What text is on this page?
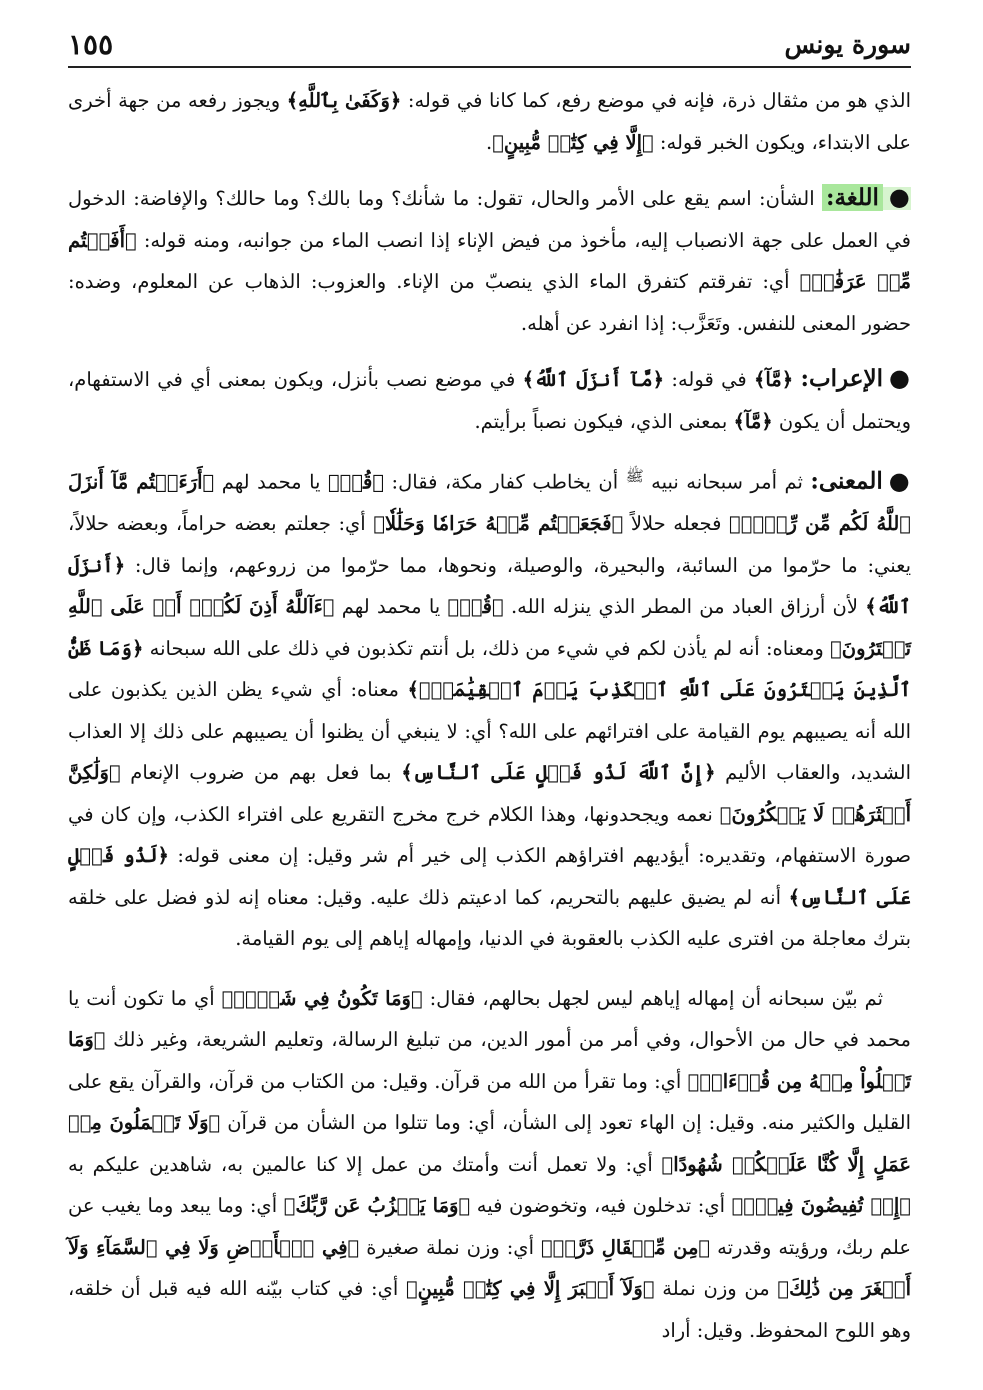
١٥٥	سورة يونس

الذي هو من مثقال ذرة، فإنه في موضع رفع، كما كانا في قوله: ﴿وَكَفَىٰ بِٱللَّهِ﴾ ويجوز رفعه من جهة أخرى على الابتداء، ويكون الخبر قوله: ﴿إِلَّا فِي كِتَٰبٖ مُّبِينٍ﴾.

●اللغة: الشأن: اسم يقع على الأمر والحال، تقول: ما شأنك؟ وما بالك؟ وما حالك؟ والإفاضة: الدخول في العمل على جهة الانصباب إليه، مأخوذ من فيض الإناء إذا انصب الماء من جوانبه، ومنه قوله: ﴿أَفَضۡتُم مِّنۡ عَرَفَٰتٖ﴾ أي: تفرقتم كتفرق الماء الذي ينصبّ من الإناء. والعزوب: الذهاب عن المعلوم، وضده: حضور المعنى للنفس. وتَعَزَّب: إذا انفرد عن أهله.

●الإعراب: ﴿مَّآ﴾ في قوله: ﴿مَّآ أَنزَلَ ٱللَّهُ﴾ في موضع نصب بأنزل، ويكون بمعنى أي في الاستفهام، ويحتمل أن يكون ﴿مَّآ﴾ بمعنى الذي، فيكون نصباً برأيتم.

●المعنى: ثم أمر سبحانه نبيه $^ﷺ$ أن يخاطب كفار مكة، فقال: ﴿قُلۡ﴾ يا محمد لهم ﴿أَرَءَيۡتُم مَّآ أَنزَلَ ٱللَّهُ لَكُم مِّن رِّزۡقٖ﴾ فجعله حلالاً ﴿فَجَعَلۡتُم مِّنۡهُ حَرَامٗا وَحَلَٰلٗا﴾ أي: جعلتم بعضه حراماً، وبعضه حلالاً، يعني: ما حرّموا من السائبة، والبحيرة، والوصيلة، ونحوها، مما حرّموا من زروعهم، وإنما قال: ﴿أَنزَلَ ٱللَّهُ﴾ لأن أرزاق العباد من المطر الذي ينزله الله. ﴿قُلۡ﴾ يا محمد لهم ﴿ءَآللَّهُ أَذِنَ لَكُمۡۖ أَمۡ عَلَى ٱللَّهِ تَفۡتَرُونَ﴾ ومعناه: أنه لم يأذن لكم في شيء من ذلك، بل أنتم تكذبون في ذلك على الله سبحانه ﴿وَمَا ظَنُّ ٱلَّذِينَ يَفۡتَرُونَ عَلَى ٱللَّهِ ٱلۡكَذِبَ يَوۡمَ ٱلۡقِيَٰمَةِۚ﴾ معناه: أي شيء يظن الذين يكذبون على الله أنه يصيبهم يوم القيامة على افترائهم على الله؟ أي: لا ينبغي أن يظنوا أن يصيبهم على ذلك إلا العذاب الشديد، والعقاب الأليم ﴿إِنَّ ٱللَّهَ لَذُو فَضۡلٍ عَلَى ٱلنَّاسِ﴾ بما فعل بهم من ضروب الإنعام ﴿وَلَٰكِنَّ أَكۡثَرَهُمۡ لَا يَشۡكُرُونَ﴾ نعمه ويجحدونها، وهذا الكلام خرج مخرج التقريع على افتراء الكذب، وإن كان في صورة الاستفهام، وتقديره: أيؤديهم افتراؤهم الكذب إلى خير أم شر وقيل: إن معنى قوله: ﴿لَذُو فَضۡلٍ عَلَى ٱلنَّاسِ﴾ أنه لم يضيق عليهم بالتحريم، كما ادعيتم ذلك عليه. وقيل: معناه إنه لذو فضل على خلقه بترك معاجلة من افترى عليه الكذب بالعقوبة في الدنيا، وإمهاله إياهم إلى يوم القيامة.

ثم بيّن سبحانه أن إمهاله إياهم ليس لجهل بحالهم، فقال: ﴿وَمَا تَكُونُ فِي شَأۡنٖ﴾ أي ما تكون أنت يا محمد في حال من الأحوال، وفي أمر من أمور الدين، من تبليغ الرسالة، وتعليم الشريعة، وغير ذلك ﴿وَمَا تَتۡلُواْ مِنۡهُ مِن قُرۡءَانٖ﴾ أي: وما تقرأ من الله من قرآن. وقيل: من الكتاب من قرآن، والقرآن يقع على القليل والكثير منه. وقيل: إن الهاء تعود إلى الشأن، أي: وما تتلوا من الشأن من قرآن ﴿وَلَا تَعۡمَلُونَ مِنۡ عَمَلٍ إِلَّا كُنَّا عَلَيۡكُمۡ شُهُودًا﴾ أي: ولا تعمل أنت وأمتك من عمل إلا كنا عالمين به، شاهدين عليكم به ﴿إِذۡ تُفِيضُونَ فِيهِۚ﴾ أي: تدخلون فيه، وتخوضون فيه ﴿وَمَا يَعۡزُبُ عَن رَّبِّكَ﴾ أي: وما يبعد وما يغيب عن علم ربك، ورؤيته وقدرته ﴿مِن مِّثۡقَالِ ذَرَّةٖ﴾ أي: وزن نملة صغيرة ﴿فِي ٱلۡأَرۡضِ وَلَا فِي ٱلسَّمَآءِ وَلَآ أَصۡغَرَ مِن ذَٰلِكَ﴾ من وزن نملة ﴿وَلَآ أَكۡبَرَ إِلَّا فِي كِتَٰبٖ مُّبِينٍ﴾ أي: في كتاب بيّنه الله فيه قبل أن خلقه، وهو اللوح المحفوظ. وقيل: أراد
